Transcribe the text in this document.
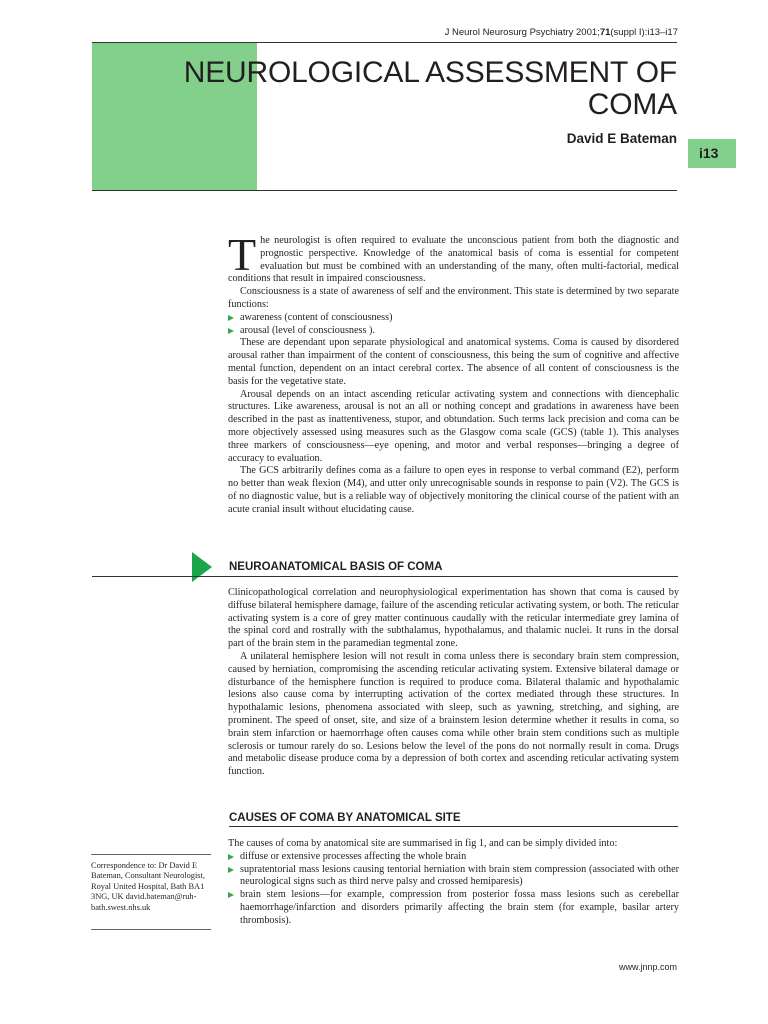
J Neurol Neurosurg Psychiatry 2001;71(suppl I):i13–i17
NEUROLOGICAL ASSESSMENT OF
COMA
David E Bateman
i13

The neurologist is often required to evaluate the unconscious patient from both the diagnostic and prognostic perspective. Knowledge of the anatomical basis of coma is essential for competent evaluation but must be combined with an understanding of the many, often multi-factorial, medical conditions that result in impaired consciousness.

Consciousness is a state of awareness of self and the environment. This state is determined by two separate functions:

awareness (content of consciousness)
arousal (level of consciousness ).

These are dependant upon separate physiological and anatomical systems. Coma is caused by disordered arousal rather than impairment of the content of consciousness, this being the sum of cognitive and affective mental function, dependent on an intact cerebral cortex. The absence of all content of consciousness is the basis for the vegetative state.

Arousal depends on an intact ascending reticular activating system and connections with diencephalic structures. Like awareness, arousal is not an all or nothing concept and gradations in awareness have been described in the past as inattentiveness, stupor, and obtundation. Such terms lack precision and coma can be more objectively assessed using measures such as the Glasgow coma scale (GCS) (table 1). This analyses three markers of consciousness—eye opening, and motor and verbal responses—bringing a degree of accuracy to evaluation.

The GCS arbitrarily defines coma as a failure to open eyes in response to verbal command (E2), perform no better than weak flexion (M4), and utter only unrecognisable sounds in response to pain (V2). The GCS is of no diagnostic value, but is a reliable way of objectively monitoring the clinical course of the patient with an acute cranial insult without elucidating cause.

NEUROANATOMICAL BASIS OF COMA

Clinicopathological correlation and neurophysiological experimentation has shown that coma is caused by diffuse bilateral hemisphere damage, failure of the ascending reticular activating system, or both. The reticular activating system is a core of grey matter continuous caudally with the reticular intermediate grey lamina of the spinal cord and rostrally with the subthalamus, hypothalamus, and thalamic nuclei. It runs in the dorsal part of the brain stem in the paramedian tegmental zone.

A unilateral hemisphere lesion will not result in coma unless there is secondary brain stem compression, caused by herniation, compromising the ascending reticular activating system. Extensive bilateral damage or disturbance of the hemisphere function is required to produce coma. Bilateral thalamic and hypothalamic lesions also cause coma by interrupting activation of the cortex mediated through these structures. In hypothalamic lesions, phenomena associated with sleep, such as yawning, stretching, and sighing, are prominent. The speed of onset, site, and size of a brainstem lesion determine whether it results in coma, so brain stem infarction or haemorrhage often causes coma while other brain stem conditions such as multiple sclerosis or tumour rarely do so. Lesions below the level of the pons do not normally result in coma. Drugs and metabolic disease produce coma by a depression of both cortex and ascending reticular activating system function.

CAUSES OF COMA BY ANATOMICAL SITE

The causes of coma by anatomical site are summarised in fig 1, and can be simply divided into:

diffuse or extensive processes affecting the whole brain
supratentorial mass lesions causing tentorial herniation with brain stem compression (associated with other neurological signs such as third nerve palsy and crossed hemiparesis)
brain stem lesions—for example, compression from posterior fossa mass lesions such as cerebellar haemorrhage/infarction and disorders primarily affecting the brain stem (for example, basilar artery thrombosis).
Correspondence to: Dr David E Bateman, Consultant Neurologist, Royal United Hospital, Bath BA1 3NG, UK david.bateman@ruh-bath.swest.nhs.uk
www.jnnp.com
